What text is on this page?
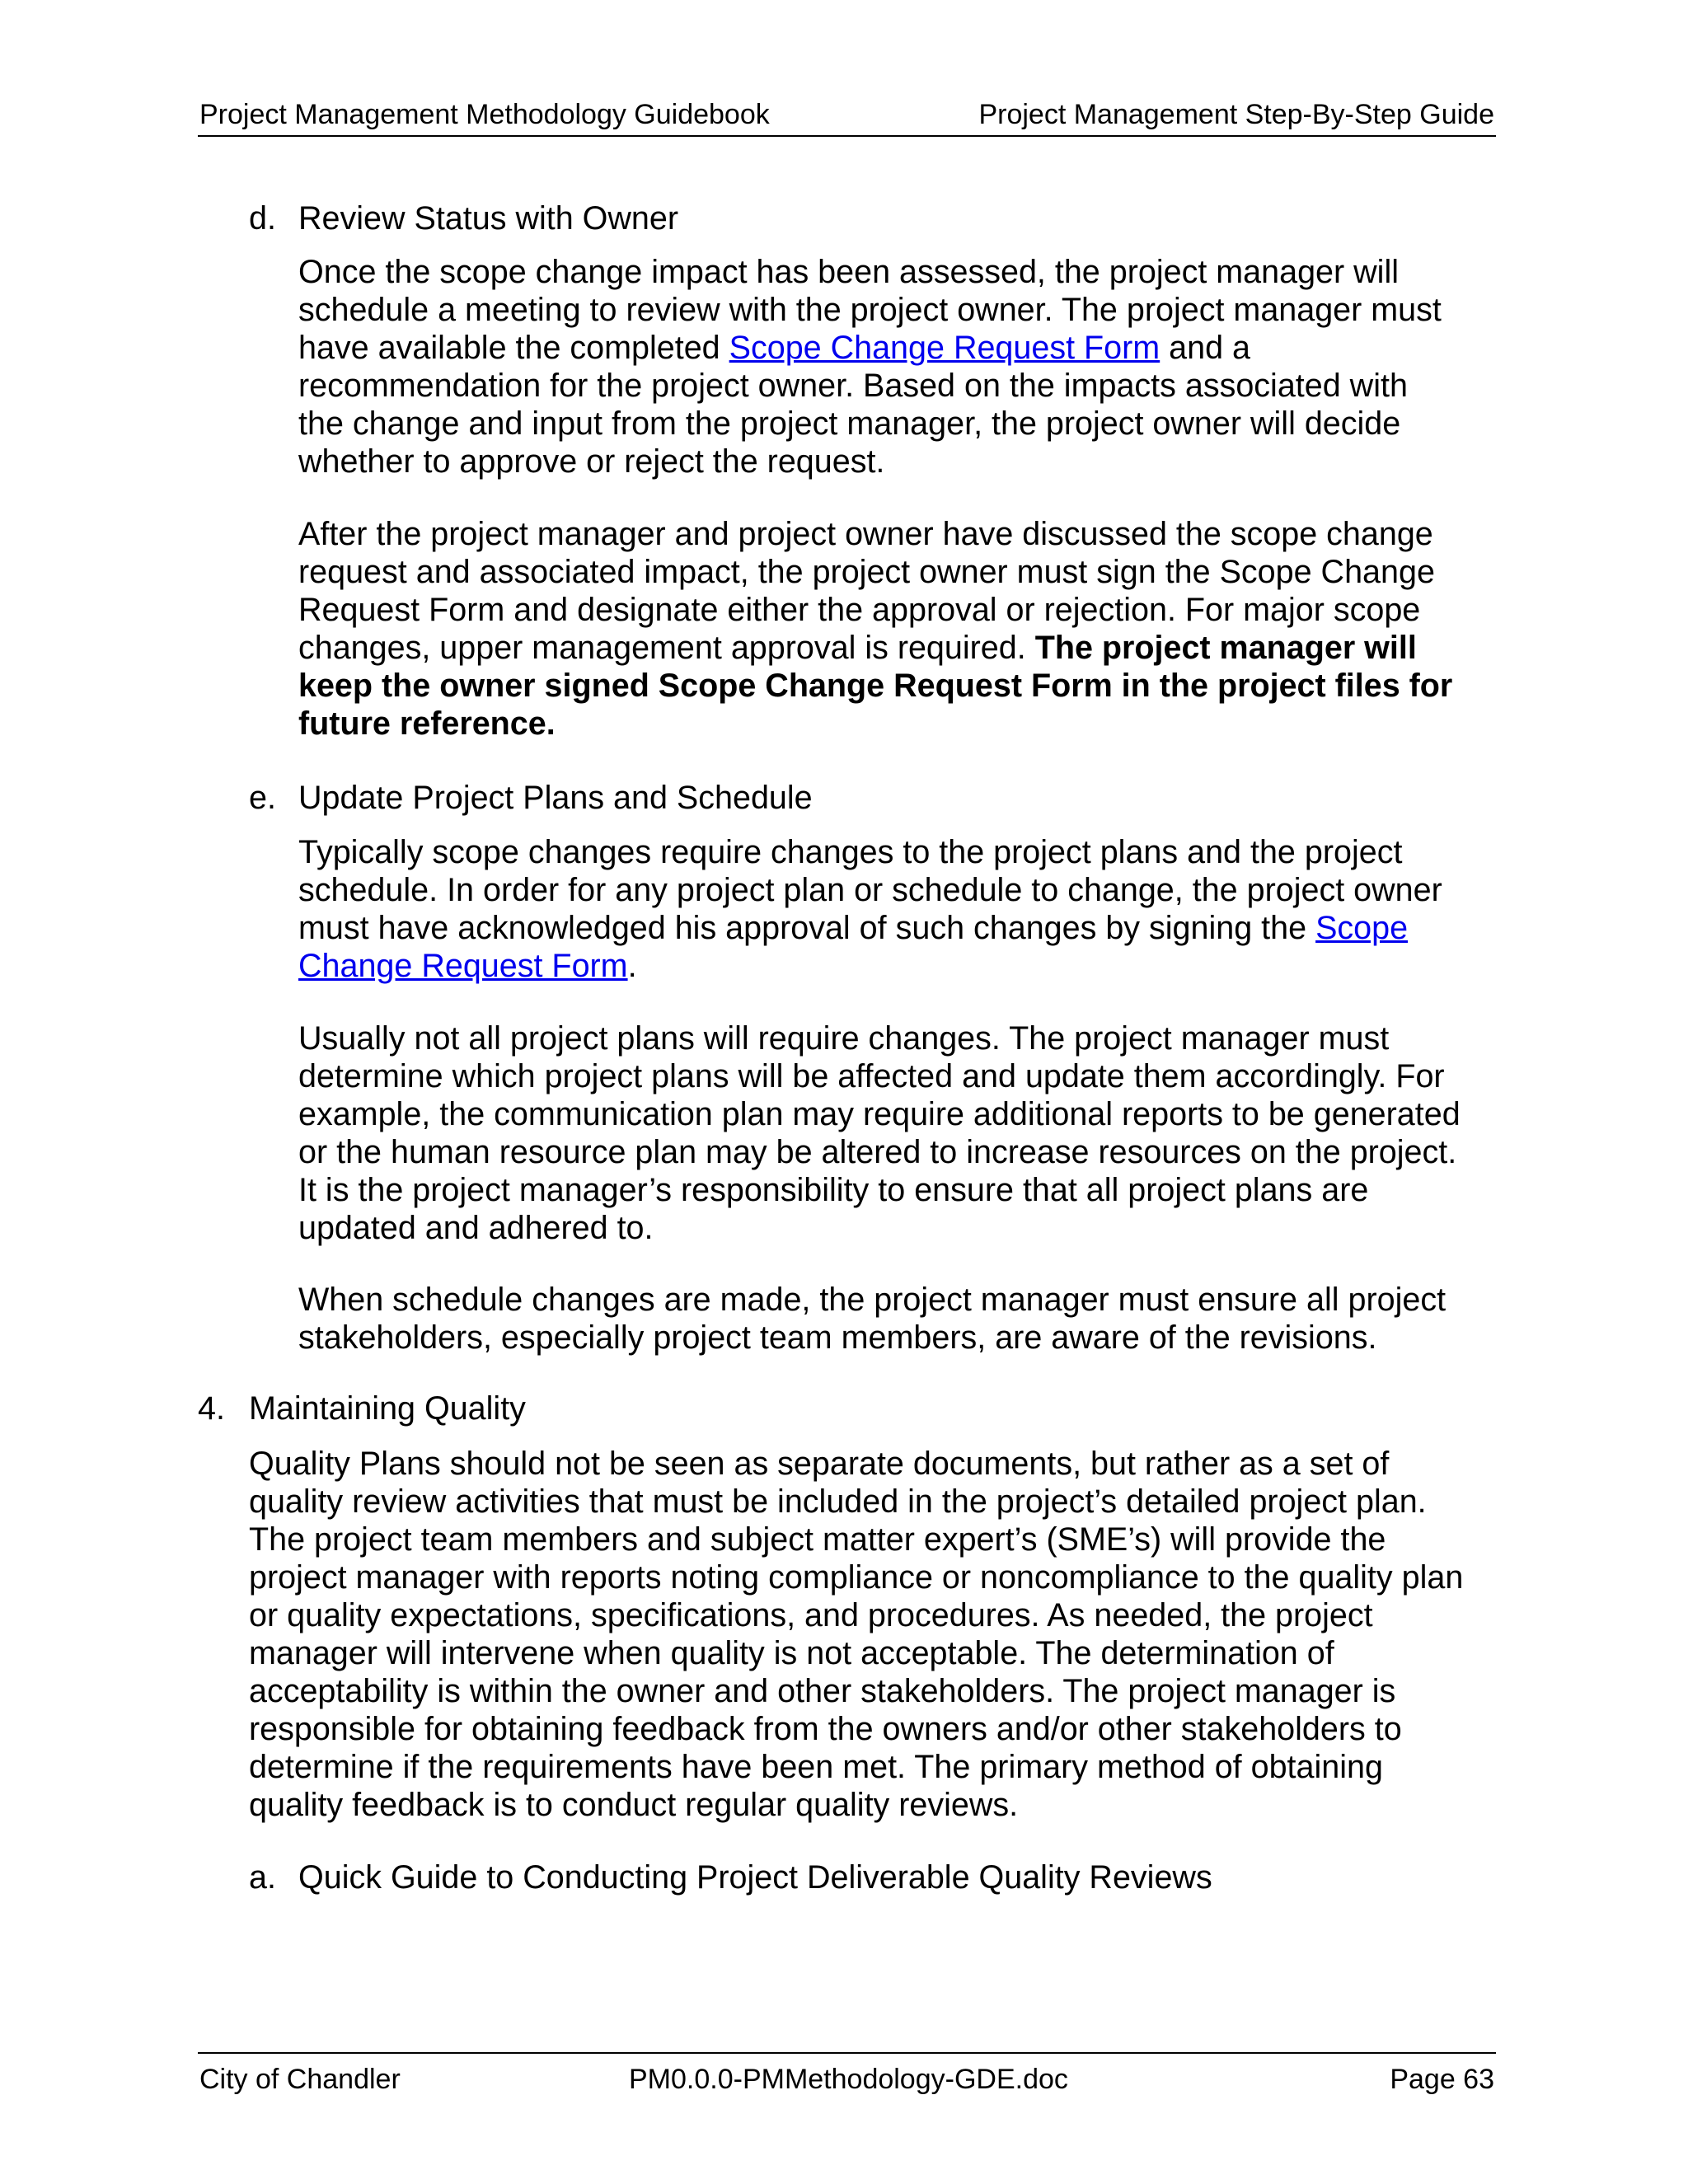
Project Management Methodology Guidebook	Project Management Step-By-Step Guide
d. Review Status with Owner
Once the scope change impact has been assessed, the project manager will
schedule a meeting to review with the project owner. The project manager must
have available the completed Scope Change Request Form and a
recommendation for the project owner. Based on the impacts associated with
the change and input from the project manager, the project owner will decide
whether to approve or reject the request.
After the project manager and project owner have discussed the scope change
request and associated impact, the project owner must sign the Scope Change
Request Form and designate either the approval or rejection. For major scope
changes, upper management approval is required. The project manager will
keep the owner signed Scope Change Request Form in the project files for
future reference.
e. Update Project Plans and Schedule
Typically scope changes require changes to the project plans and the project
schedule. In order for any project plan or schedule to change, the project owner
must have acknowledged his approval of such changes by signing the Scope
Change Request Form.
Usually not all project plans will require changes. The project manager must
determine which project plans will be affected and update them accordingly. For
example, the communication plan may require additional reports to be generated
or the human resource plan may be altered to increase resources on the project.
It is the project manager’s responsibility to ensure that all project plans are
updated and adhered to.
When schedule changes are made, the project manager must ensure all project
stakeholders, especially project team members, are aware of the revisions.
4. Maintaining Quality
Quality Plans should not be seen as separate documents, but rather as a set of
quality review activities that must be included in the project’s detailed project plan.
The project team members and subject matter expert’s (SME’s) will provide the
project manager with reports noting compliance or noncompliance to the quality plan
or quality expectations, specifications, and procedures. As needed, the project
manager will intervene when quality is not acceptable. The determination of
acceptability is within the owner and other stakeholders. The project manager is
responsible for obtaining feedback from the owners and/or other stakeholders to
determine if the requirements have been met. The primary method of obtaining
quality feedback is to conduct regular quality reviews.
a. Quick Guide to Conducting Project Deliverable Quality Reviews
City of Chandler	PM0.0.0-PMMethodology-GDE.doc	Page 63
